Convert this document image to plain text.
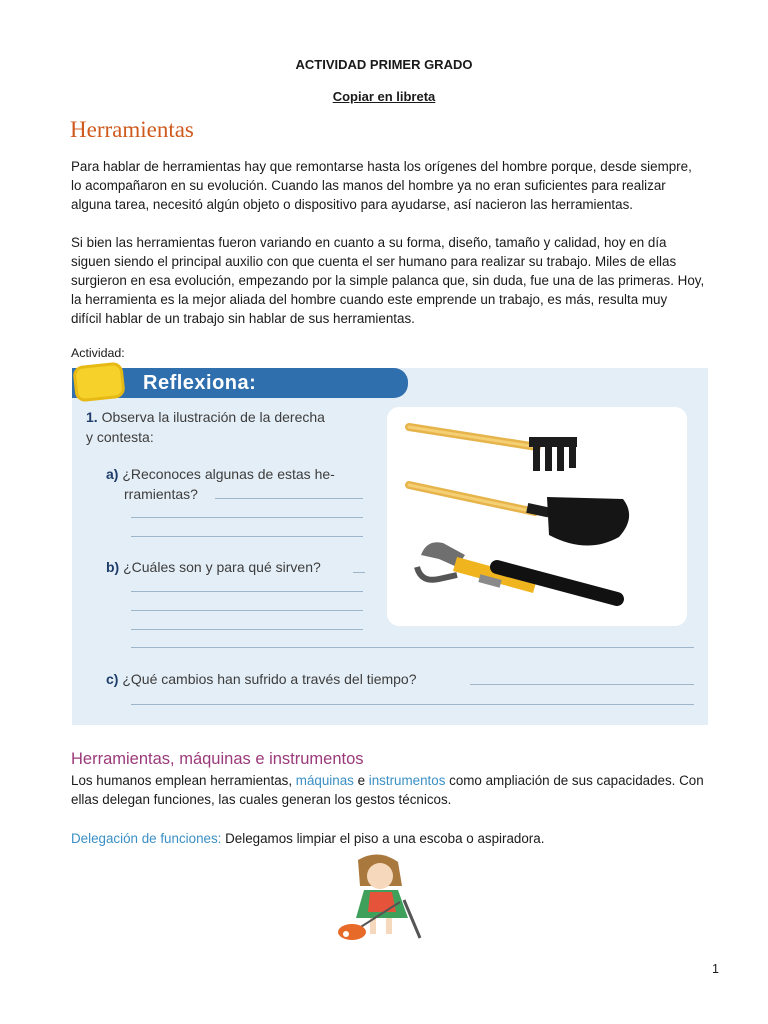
ACTIVIDAD PRIMER GRADO
Copiar en libreta
Herramientas
Para hablar de herramientas hay que remontarse hasta los orígenes del hombre porque, desde siempre,
lo acompañaron en su evolución. Cuando las manos del hombre ya no eran suficientes para realizar
alguna tarea, necesitó algún objeto o dispositivo para ayudarse, así nacieron las herramientas.
Si bien las herramientas fueron variando en cuanto a su forma, diseño, tamaño y calidad, hoy en día
siguen siendo el principal auxilio con que cuenta el ser humano para realizar su trabajo. Miles de ellas
surgieron en esa evolución, empezando por la simple palanca que, sin duda, fue una de las primeras. Hoy,
la herramienta es la mejor aliada del hombre cuando este emprende un trabajo, es más, resulta muy
difícil hablar de un trabajo sin hablar de sus herramientas.
Actividad:
Reflexiona:
1. Observa la ilustración de la derecha
y contesta:
a) ¿Reconoces algunas de estas he-
rramientas?
b) ¿Cuáles son y para qué sirven?
c) ¿Qué cambios han sufrido a través del tiempo?
Herramientas, máquinas e instrumentos
Los humanos emplean herramientas, máquinas e instrumentos como ampliación de sus capacidades. Con
ellas delegan funciones, las cuales generan los gestos técnicos.
Delegación de funciones: Delegamos limpiar el piso a una escoba o aspiradora.
1
